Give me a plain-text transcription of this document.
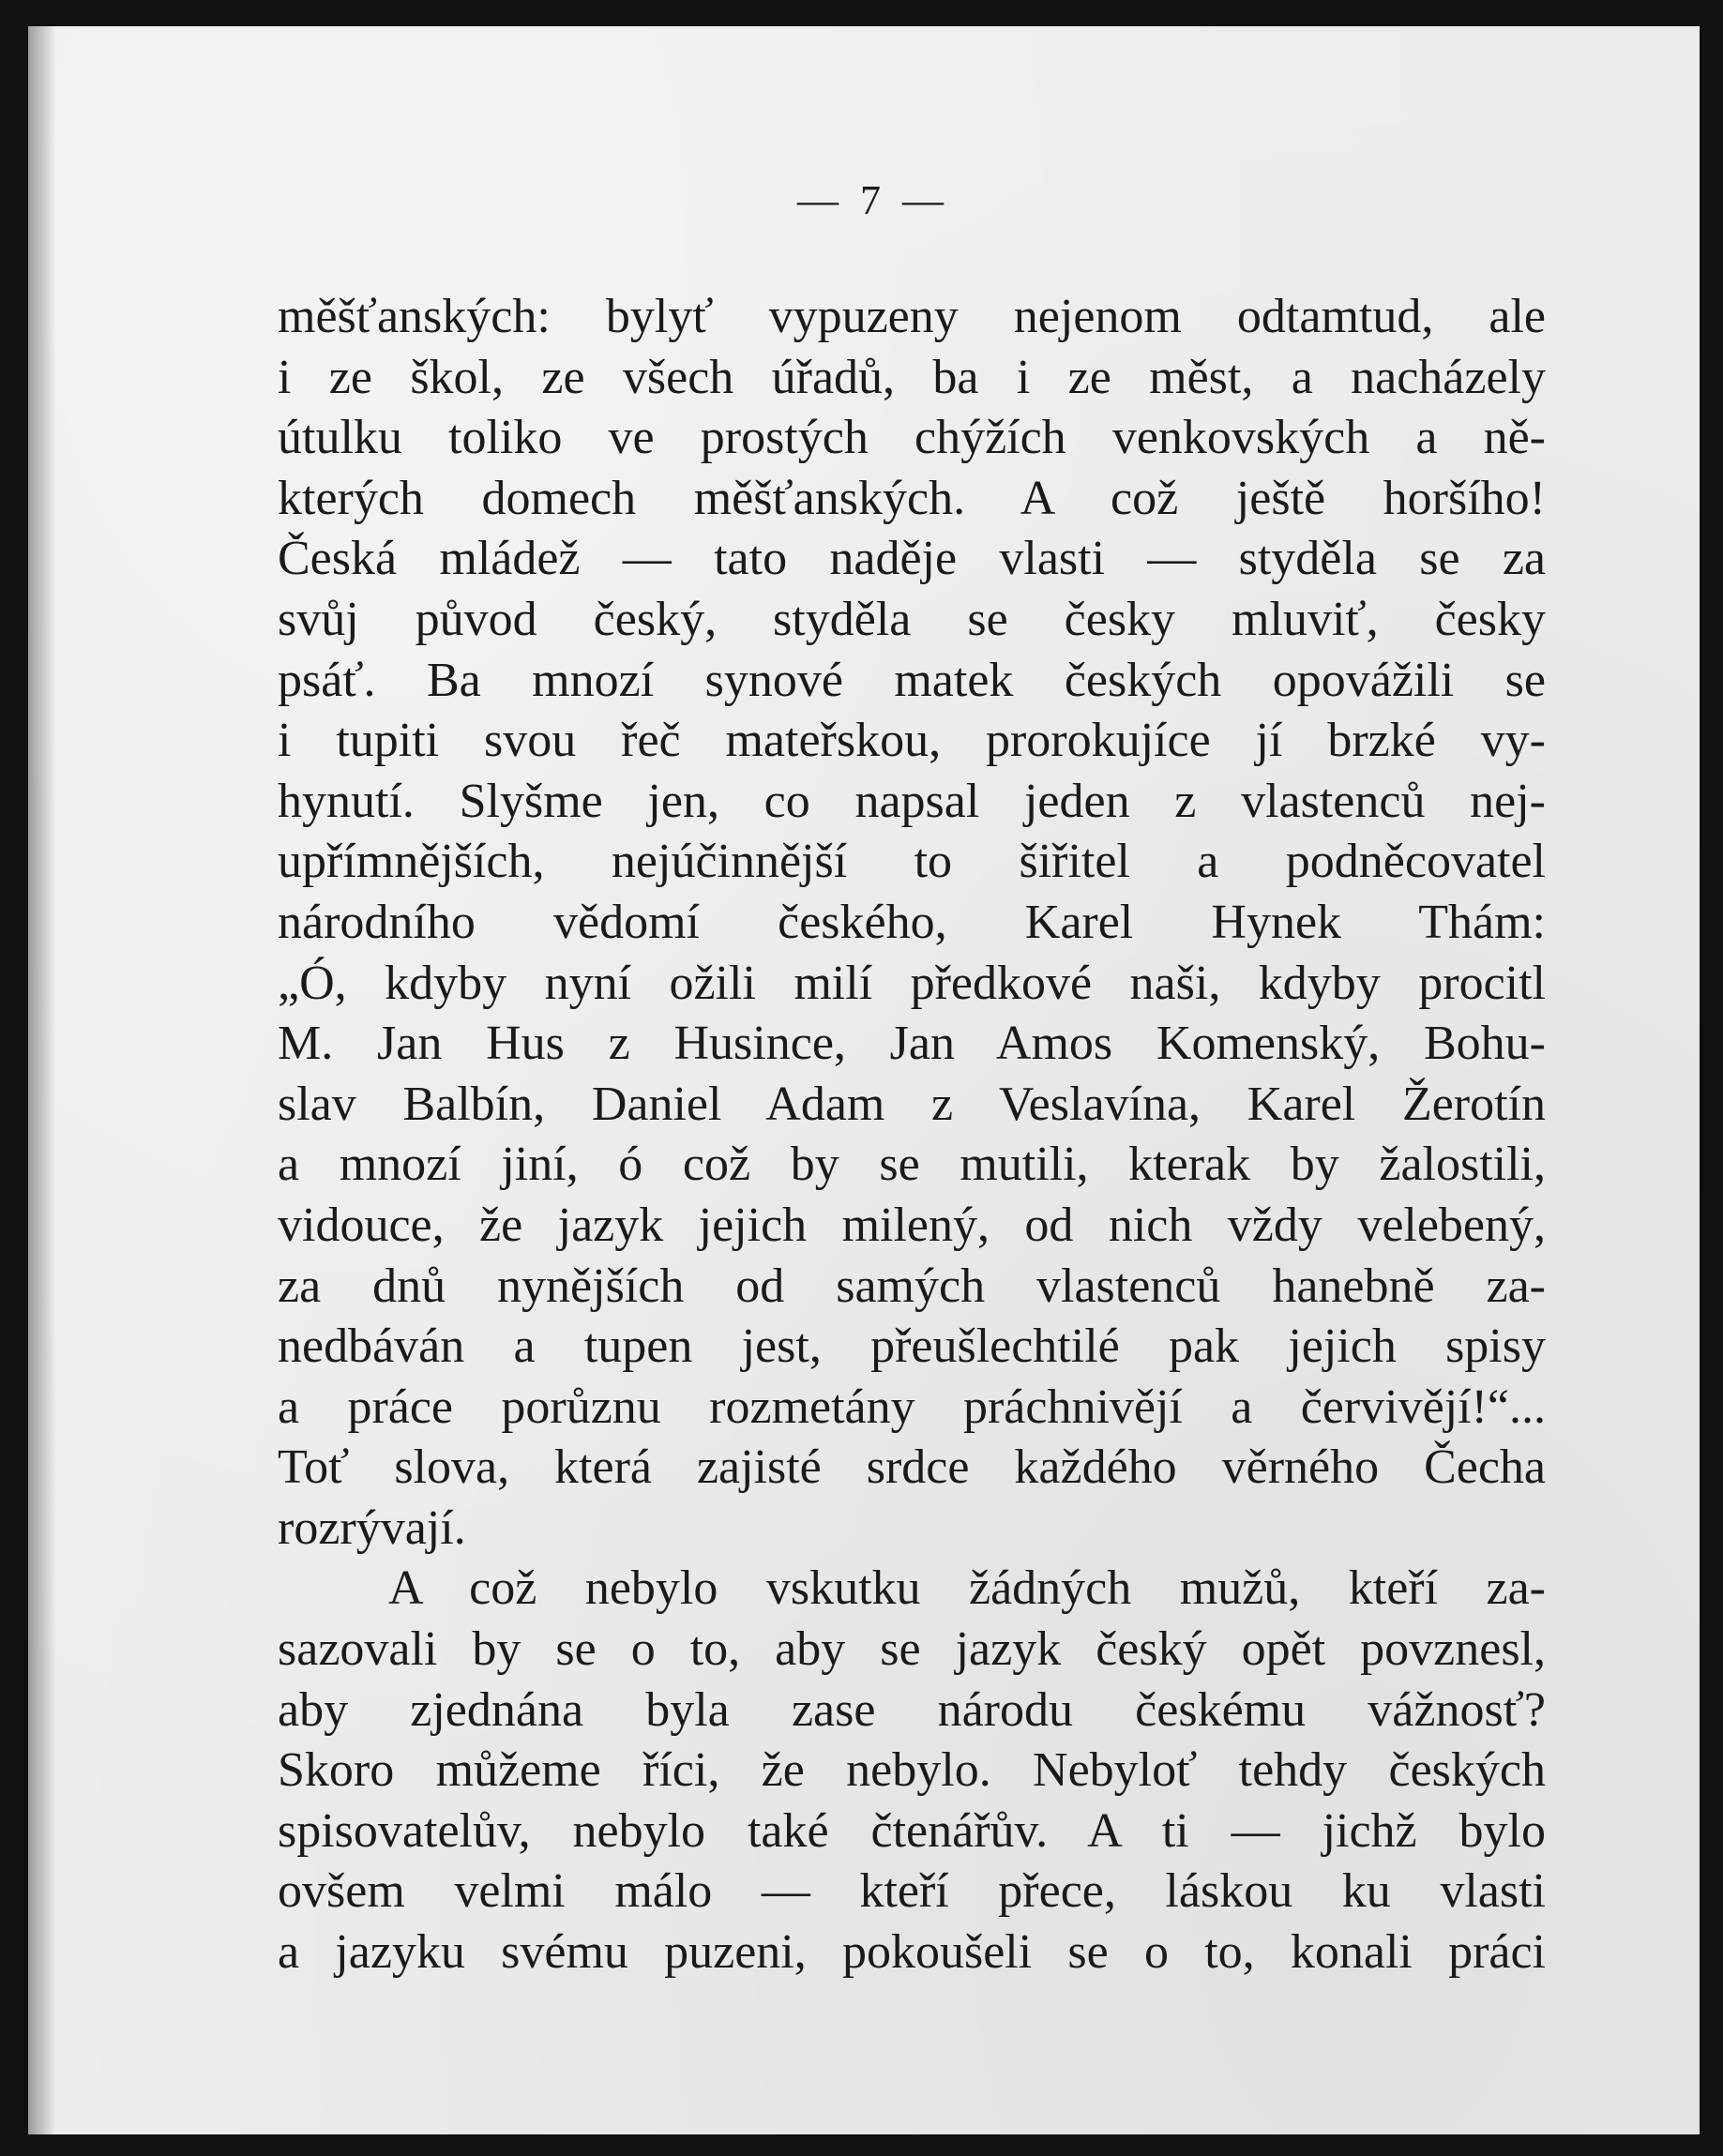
— 7 —
měšťanských: bylyť vypuzeny nejenom odtamtud, ale
i ze škol, ze všech úřadů, ba i ze měst, a nacházely
útulku toliko ve prostých chýžích venkovských a ně-
kterých domech měšťanských. A což ještě horšího!
Česká mládež — tato naděje vlasti — styděla se za
svůj původ český, styděla se česky mluviť, česky
psáť. Ba mnozí synové matek českých opovážili se
i tupiti svou řeč mateřskou, prorokujíce jí brzké vy-
hynutí. Slyšme jen, co napsal jeden z vlastenců nej-
upřímnějších, nejúčinnější to šiřitel a podněcovatel
národního vědomí českého, Karel Hynek Thám:
„Ó, kdyby nyní ožili milí předkové naši, kdyby procitl
M. Jan Hus z Husince, Jan Amos Komenský, Bohu-
slav Balbín, Daniel Adam z Veslavína, Karel Žerotín
a mnozí jiní, ó což by se mutili, kterak by žalostili,
vidouce, že jazyk jejich milený, od nich vždy velebený,
za dnů nynějších od samých vlastenců hanebně za-
nedbáván a tupen jest, přeušlechtilé pak jejich spisy
a práce porůznu rozmetány práchnivějí a červivějí!“...
Toť slova, která zajisté srdce každého věrného Čecha
rozrývají.
A což nebylo vskutku žádných mužů, kteří za-
sazovali by se o to, aby se jazyk český opět povznesl,
aby zjednána byla zase národu českému vážnosť?
Skoro můžeme říci, že nebylo. Nebyloť tehdy českých
spisovatelův, nebylo také čtenářův. A ti — jichž bylo
ovšem velmi málo — kteří přece, láskou ku vlasti
a jazyku svému puzeni, pokoušeli se o to, konali práci
